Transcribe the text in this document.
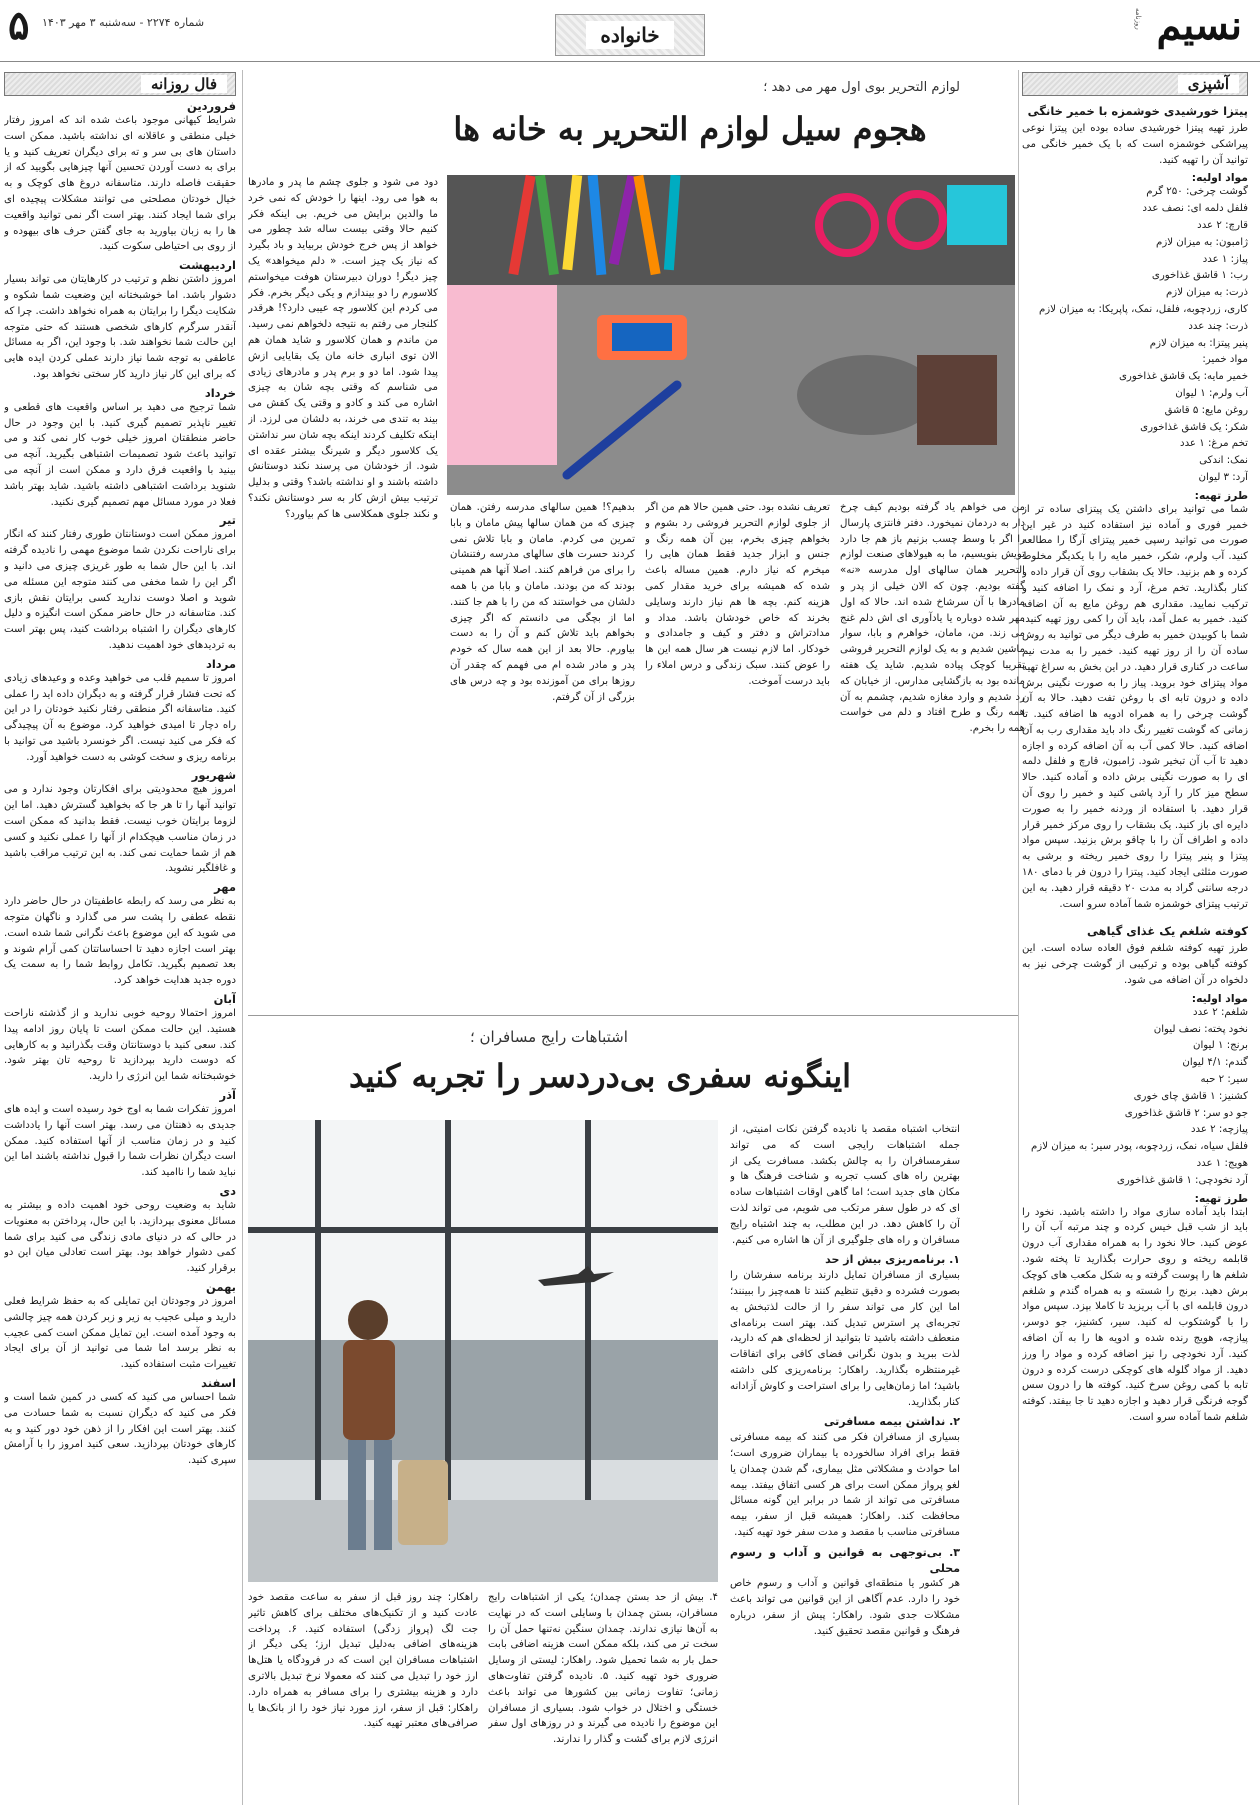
نسیم
روزنامه
خانواده
شماره ۲۲۷۴ - سه‌شنبه ۳ مهر ۱۴۰۳
۵
آشپزی
پیتزا خورشیدی خوشمزه با خمیر خانگی
طرز تهیه پیتزا خورشیدی ساده بوده این پیتزا نوعی پیراشکی خوشمزه است که با یک خمیر خانگی می توانید آن را تهیه کنید.
مواد اولیه:

گوشت چرخی: ۲۵۰ گرم

فلفل دلمه ای: نصف عدد

قارچ: ۲ عدد

ژامبون: به میزان لازم

پیاز: ۱ عدد

رب: ۱ قاشق غذاخوری

ذرت: به میزان لازم

کاری، زردچوبه، فلفل، نمک، پاپریکا: به میزان لازم

ذرت: چند عدد

پنیر پیتزا: به میزان لازم

مواد خمیر:

خمیر مایه: یک قاشق غذاخوری

آب ولرم: ۱ لیوان

روغن مایع: ۵ قاشق

شکر: یک قاشق غذاخوری

تخم مرغ: ۱ عدد

نمک: اندکی

آرد: ۳ لیوان

طرز تهیه:
شما می توانید برای داشتن یک پیتزای ساده تر از خمیر فوری و آماده نیز استفاده کنید در غیر این صورت می توانید رسپی خمیر پیتزای آرگا را مطالعه کنید. آب ولرم، شکر، خمیر مایه را با یکدیگر مخلوط کرده و هم بزنید. حالا یک بشقاب روی آن قرار داده و کنار بگذارید. تخم مرغ، آرد و نمک را اضافه کنید و ترکیب نمایید. مقداری هم روغن مایع به آن اضافه کنید. خمیر به عمل آمد، باید آن را کمی روز تهیه کنید. شما با کوبیدن خمیر به طرف دیگر می توانید به روش ساده آن را از روز تهیه کنید. خمیر را به مدت نیم ساعت در کناری قرار دهید. در این بخش به سراغ تهیه مواد پیتزای خود بروید. پیاز را به صورت نگینی برش داده و درون تابه ای با روغن تفت دهید. حالا به آن گوشت چرخی را به همراه ادویه ها اضافه کنید. تا زمانی که گوشت تغییر رنگ داد باید مقداری رب به آن اضافه کنید. حالا کمی آب به آن اضافه کرده و اجازه دهید تا آب آن تبخیر شود. ژامبون، قارچ و فلفل دلمه ای را به صورت نگینی برش داده و آماده کنید. حالا سطح میز کار را آرد پاشی کنید و خمیر را روی آن قرار دهید. با استفاده از وردنه خمیر را به صورت دایره ای باز کنید. یک بشقاب را روی مرکز خمیر قرار داده و اطراف آن را با چاقو برش بزنید. سپس مواد پیتزا و پنیر پیتزا را روی خمیر ریخته و برشی به صورت مثلثی ایجاد کنید. پیتزا را درون فر با دمای ۱۸۰ درجه سانتی گراد به مدت ۲۰ دقیقه قرار دهید. به این ترتیب پیتزای خوشمزه شما آماده سرو است.
کوفته شلغم یک غذای گیاهی
طرز تهیه کوفته شلغم فوق العاده ساده است. این کوفته گیاهی بوده و ترکیبی از گوشت چرخی نیز به دلخواه در آن اضافه می شود.
مواد اولیه:

شلغم: ۲ عدد

نخود پخته: نصف لیوان

برنج: ۱ لیوان

گندم: ۴/۱ لیوان

سیر: ۲ حبه

کشنیز: ۱ قاشق چای خوری

جو دو سر: ۲ قاشق غذاخوری

پیازچه: ۲ عدد

فلفل سیاه، نمک، زردچوبه، پودر سیر: به میزان لازم

هویج: ۱ عدد

آرد نخودچی: ۱ قاشق غذاخوری

طرز تهیه:
ابتدا باید آماده سازی مواد را داشته باشید. نخود را باید از شب قبل خیس کرده و چند مرتبه آب آن را عوض کنید. حالا نخود را به همراه مقداری آب درون قابلمه ریخته و روی حرارت بگذارید تا پخته شود. شلغم ها را پوست گرفته و به شکل مکعب های کوچک برش دهید. برنج را شسته و به همراه گندم و شلغم درون قابلمه ای با آب بریزید تا کاملا بپزد. سپس مواد را با گوشتکوب له کنید. سیر، کشنیز، جو دوسر، پیازچه، هویج رنده شده و ادویه ها را به آن اضافه کنید. آرد نخودچی را نیز اضافه کرده و مواد را ورز دهید. از مواد گلوله های کوچکی درست کرده و درون تابه با کمی روغن سرخ کنید. کوفته ها را درون سس گوجه فرنگی قرار دهید و اجازه دهید تا جا بیفتد. کوفته شلغم شما آماده سرو است.
فال روزانه
فروردین
شرایط کیهانی موجود باعث شده اند که امروز رفتار خیلی منطقی و عاقلانه ای نداشته باشید. ممکن است داستان های بی سر و ته برای دیگران تعریف کنید و یا برای به دست آوردن تحسین آنها چیزهایی بگویید که از حقیقت فاصله دارند. متاسفانه دروغ های کوچک و به خیال خودتان مصلحتی می توانند مشکلات پیچیده ای برای شما ایجاد کنند. بهتر است اگر نمی توانید واقعیت ها را به زبان بیاورید به جای گفتن حرف های بیهوده و از روی بی احتیاطی سکوت کنید.
اردیبهشت
امروز داشتن نظم و ترتیب در کارهایتان می تواند بسیار دشوار باشد. اما خوشبختانه این وضعیت شما شکوه و شکایت دیگرا را برایتان به همراه نخواهد داشت. چرا که آنقدر سرگرم کارهای شخصی هستند که حتی متوجه این حالت شما نخواهند شد. با وجود این، اگر به مسائل عاطفی به توجه شما نیاز دارند عملی کردن ایده هایی که برای این کار نیاز دارید کار سختی نخواهد بود.
خرداد
شما ترجیح می دهید بر اساس واقعیت های قطعی و تغییر ناپذیر تصمیم گیری کنید. با این وجود در حال حاضر منطقتان امروز خیلی خوب کار نمی کند و می توانید باعث شود تصمیمات اشتباهی بگیرید. آنچه می بینید با واقعیت فرق دارد و ممکن است از آنچه می شنوید برداشت اشتباهی داشته باشید. شاید بهتر باشد فعلا در مورد مسائل مهم تصمیم گیری نکنید.
تیر
امروز ممکن است دوستانتان طوری رفتار کنند که انگار برای ناراحت نکردن شما موضوع مهمی را نادیده گرفته اند. با این حال شما به طور غریزی چیزی می دانید و اگر این را شما مخفی می کنند متوجه این مسئله می شوید و اصلا دوست ندارید کسی برایتان نقش بازی کند. متاسفانه در حال حاضر ممکن است انگیزه و دلیل کارهای دیگران را اشتباه برداشت کنید، پس بهتر است به تردیدهای خود اهمیت ندهید.
مرداد
امروز تا سمیم قلب می خواهید وعده و وعیدهای زیادی که تحت فشار قرار گرفته و به دیگران داده اید را عملی کنید. متاسفانه اگر منطقی رفتار نکنید خودتان را در این راه دچار تا امیدی خواهید کرد. موضوع به آن پیچیدگی که فکر می کنید نیست. اگر خونسرد باشید می توانید با برنامه ریزی و سخت کوشی به دست خواهید آورد.
شهریور
امروز هیچ محدودیتی برای افکارتان وجود ندارد و می توانید آنها را تا هر جا که بخواهید گسترش دهید. اما این لزوما برایتان خوب نیست. فقط بدانید که ممکن است در زمان مناسب هیچکدام از آنها را عملی نکنید و کسی هم از شما حمایت نمی کند. به این ترتیب مراقب باشید و غافلگیر نشوید.
مهر
به نظر می رسد که رابطه عاطفیتان در حال حاضر دارد نقطه عطفی را پشت سر می گذارد و ناگهان متوجه می شوید که این موضوع باعث نگرانی شما شده است. بهتر است اجازه دهید تا احساساتتان کمی آرام شوند و بعد تصمیم بگیرید. تکامل روابط شما را به سمت یک دوره جدید هدایت خواهد کرد.
آبان
امروز احتمالا روحیه خوبی ندارید و از گذشته ناراحت هستید. این حالت ممکن است تا پایان روز ادامه پیدا کند. سعی کنید با دوستانتان وقت بگذرانید و به کارهایی که دوست دارید بپردازید تا روحیه تان بهتر شود. خوشبختانه شما این انرژی را دارید.
آذر
امروز تفکرات شما به اوج خود رسیده است و ایده های جدیدی به ذهنتان می رسد. بهتر است آنها را یادداشت کنید و در زمان مناسب از آنها استفاده کنید. ممکن است دیگران نظرات شما را قبول نداشته باشند اما این نباید شما را ناامید کند.
دی
شاید به وضعیت روحی خود اهمیت داده و بیشتر به مسائل معنوی بپردازید. با این حال، پرداختن به معنویات در حالی که در دنیای مادی زندگی می کنید برای شما کمی دشوار خواهد بود. بهتر است تعادلی میان این دو برقرار کنید.
بهمن
امروز در وجودتان این تمایلی که به حفظ شرایط فعلی دارید و میلی عجیب به زیر و زبر کردن همه چیز چالشی به وجود آمده است. این تمایل ممکن است کمی عجیب به نظر برسد اما شما می توانید از آن برای ایجاد تغییرات مثبت استفاده کنید.
اسفند
شما احساس می کنید که کسی در کمین شما است و فکر می کنید که دیگران نسبت به شما حسادت می کنند. بهتر است این افکار را از ذهن خود دور کنید و به کارهای خودتان بپردازید. سعی کنید امروز را با آرامش سپری کنید.
لوازم التحریر بوی اول مهر می دهد ؛
هجوم سیل لوازم التحریر به خانه ها
دود می شود و جلوی چشم ما پدر و مادرها به هوا می رود. اینها را خودش که نمی خرد ما والدین برایش می خریم. بی اینکه فکر کنیم حالا وقتی بیست ساله شد چطور می خواهد از پس خرج خودش بربیاید و باد بگیرد که نیاز یک چیز است. « دلم میخواهد» یک چیز دیگر! دوران دبیرستان هوفت میخواستم کلاسورم را دو بیندازم و یکی دیگر بخرم. فکر می کردم این کلاسور چه عیبی دارد؟! هرقدر کلنجار می رفتم به نتیجه دلخواهم نمی رسید. من ماندم و همان کلاسور و شاید همان هم الان توی انباری خانه مان یک بقایایی ازش پیدا شود. اما دو و برم پدر و مادرهای زیادی می شناسم که وقتی بچه شان به چیزی اشاره می کند و کادو و وقتی یک کفش می بیند به تندی می خرند، به دلشان می لرزد. از اینکه تکلیف کردند اینکه بچه شان سر نداشتن یک کلاسور دیگر و شیرنگ بیشتر عقده ای شود. از خودشان می پرسند نکند دوستانش داشته باشند و او نداشته باشد؟ وقتی و بدلیل ترتیب بیش ازش کار به سر دوستانش نکند؟ و نکند جلوی همکلاسی ها کم بیاورد؟
من می خواهم یاد گرفته بودیم کیف چرخ دار به دردمان نمیخورد. دفتر فانتزی پارسال را اگر با وسط چسب بزنیم باز هم جا دارد تویش بنویسیم، ما به هیولاهای صنعت لوازم التحریر همان سالهای اول مدرسه «نه» گفته بودیم. چون که الان خیلی از پدر و مادرها با آن سرشاخ شده اند. حالا که اول مهر شده دوباره یا یادآوری ای اش دلم غنج می زند. من، مامان، خواهرم و بابا، سوار ماشین شدیم و به یک لوازم التحریر فروشی تقریبا کوچک پیاده شدیم. شاید یک هفته مانده بود به بازگشایی مدارس. از خیابان که رد شدیم و وارد مغازه شدیم، چشمم به آن همه رنگ و طرح افتاد و دلم می خواست همه را بخرم.
تعریف نشده بود. حتی همین حالا هم من اگر از جلوی لوازم التحریر فروشی رد بشوم و بخواهم چیزی بخرم، بین آن همه رنگ و جنس و ابزار جدید فقط همان هایی را میخرم که نیاز دارم. همین مساله باعث شده که همیشه برای خرید مقدار کمی هزینه کنم. بچه ها هم نیاز دارند وسایلی بخرند که خاص خودشان باشد. مداد و مدادتراش و دفتر و کیف و جامدادی و خودکار. اما لازم نیست هر سال همه این ها را عوض کنند. سبک زندگی و درس املاء را باید درست آموخت.
بدهیم؟! همین سالهای مدرسه رفتن. همان چیزی که من همان سالها پیش مامان و بابا تمرین می کردم. مامان و بابا تلاش نمی کردند حسرت های سالهای مدرسه رفتنشان را برای من فراهم کنند. اصلا آنها هم همینی بودند که من بودند. مامان و بابا من با همه دلشان می خواستند که من را با هم جا کنند. اما از بچگی می دانستم که اگر چیزی بخواهم باید تلاش کنم و آن را به دست بیاورم. حالا بعد از این همه سال که خودم پدر و مادر شده ام می فهمم که چقدر آن روزها برای من آموزنده بود و چه درس های بزرگی از آن گرفتم.
اشتباهات رایج مسافران ؛
اینگونه سفری بی‌دردسر را تجربه کنید

انتخاب اشتباه مقصد یا نادیده گرفتن نکات امنیتی، از جمله اشتباهات رایجی است که می تواند سفرمسافران را به چالش بکشد. مسافرت یکی از بهترین راه های کسب تجربه و شناخت فرهنگ ها و مکان های جدید است؛ اما گاهی اوقات اشتباهات ساده ای که در طول سفر مرتکب می شویم، می تواند لذت آن را کاهش دهد. در این مطلب، به چند اشتباه رایج مسافران و راه های جلوگیری از آن ها اشاره می کنیم.

۱. برنامه‌ریزی بیش از حد

بسیاری از مسافران تمایل دارند برنامه سفرشان را بصورت فشرده و دقیق تنظیم کنند تا همه‌چیز را ببینند؛ اما این کار می تواند سفر را از حالت لذتبخش به تجربه‌ای پر استرس تبدیل کند. بهتر است برنامه‌ای منعطف داشته باشید تا بتوانید از لحظه‌ای هم که دارید، لذت ببرید و بدون نگرانی فضای کافی برای اتفاقات غیرمنتظره بگذارید. راهکار: برنامه‌ریزی کلی داشته باشید؛ اما زمان‌هایی را برای استراحت و کاوش آزادانه کنار بگذارید.

۲. نداشتن بیمه مسافرتی

بسیاری از مسافران فکر می کنند که بیمه مسافرتی فقط برای افراد سالخورده یا بیماران ضروری است؛ اما حوادث و مشکلاتی مثل بیماری، گم شدن چمدان یا لغو پرواز ممکن است برای هر کسی اتفاق بیفتد. بیمه مسافرتی می تواند از شما در برابر این گونه مسائل محافظت کند. راهکار: همیشه قبل از سفر، بیمه مسافرتی مناسب با مقصد و مدت سفر خود تهیه کنید.

۳. بی‌توجهی به قوانین و آداب و رسوم محلی

هر کشور یا منطقه‌ای قوانین و آداب و رسوم خاص خود را دارد. عدم آگاهی از این قوانین می تواند باعث مشکلات جدی شود. راهکار: پیش از سفر، درباره فرهنگ و قوانین مقصد تحقیق کنید.

راهکار: چند روز قبل از سفر به ساعت مقصد خود عادت کنید و از تکنیک‌های مختلف برای کاهش تاثیر جت لگ (پرواز زدگی) استفاده کنید. ۶. پرداخت هزینه‌های اضافی به‌دلیل تبدیل ارز؛ یکی دیگر از اشتباهات مسافران این است که در فرودگاه یا هتل‌ها ارز خود را تبدیل می کنند که معمولا نرخ تبدیل بالاتری دارد و هزینه بیشتری را برای مسافر به همراه دارد. راهکار: قبل از سفر، ارز مورد نیاز خود را از بانک‌ها یا صرافی‌های معتبر تهیه کنید.
۴. بیش از حد بستن چمدان؛ یکی از اشتباهات رایج مسافران، بستن چمدان با وسایلی است که در نهایت به آن‌ها نیازی ندارند. چمدان سنگین نه‌تنها حمل آن را سخت تر می کند، بلکه ممکن است هزینه اضافی بابت حمل بار به شما تحمیل شود. راهکار: لیستی از وسایل ضروری خود تهیه کنید. ۵. نادیده گرفتن تفاوت‌های زمانی؛ تفاوت زمانی بین کشورها می تواند باعث خستگی و اختلال در خواب شود. بسیاری از مسافران این موضوع را نادیده می گیرند و در روزهای اول سفر انرژی لازم برای گشت و گذار را ندارند.
